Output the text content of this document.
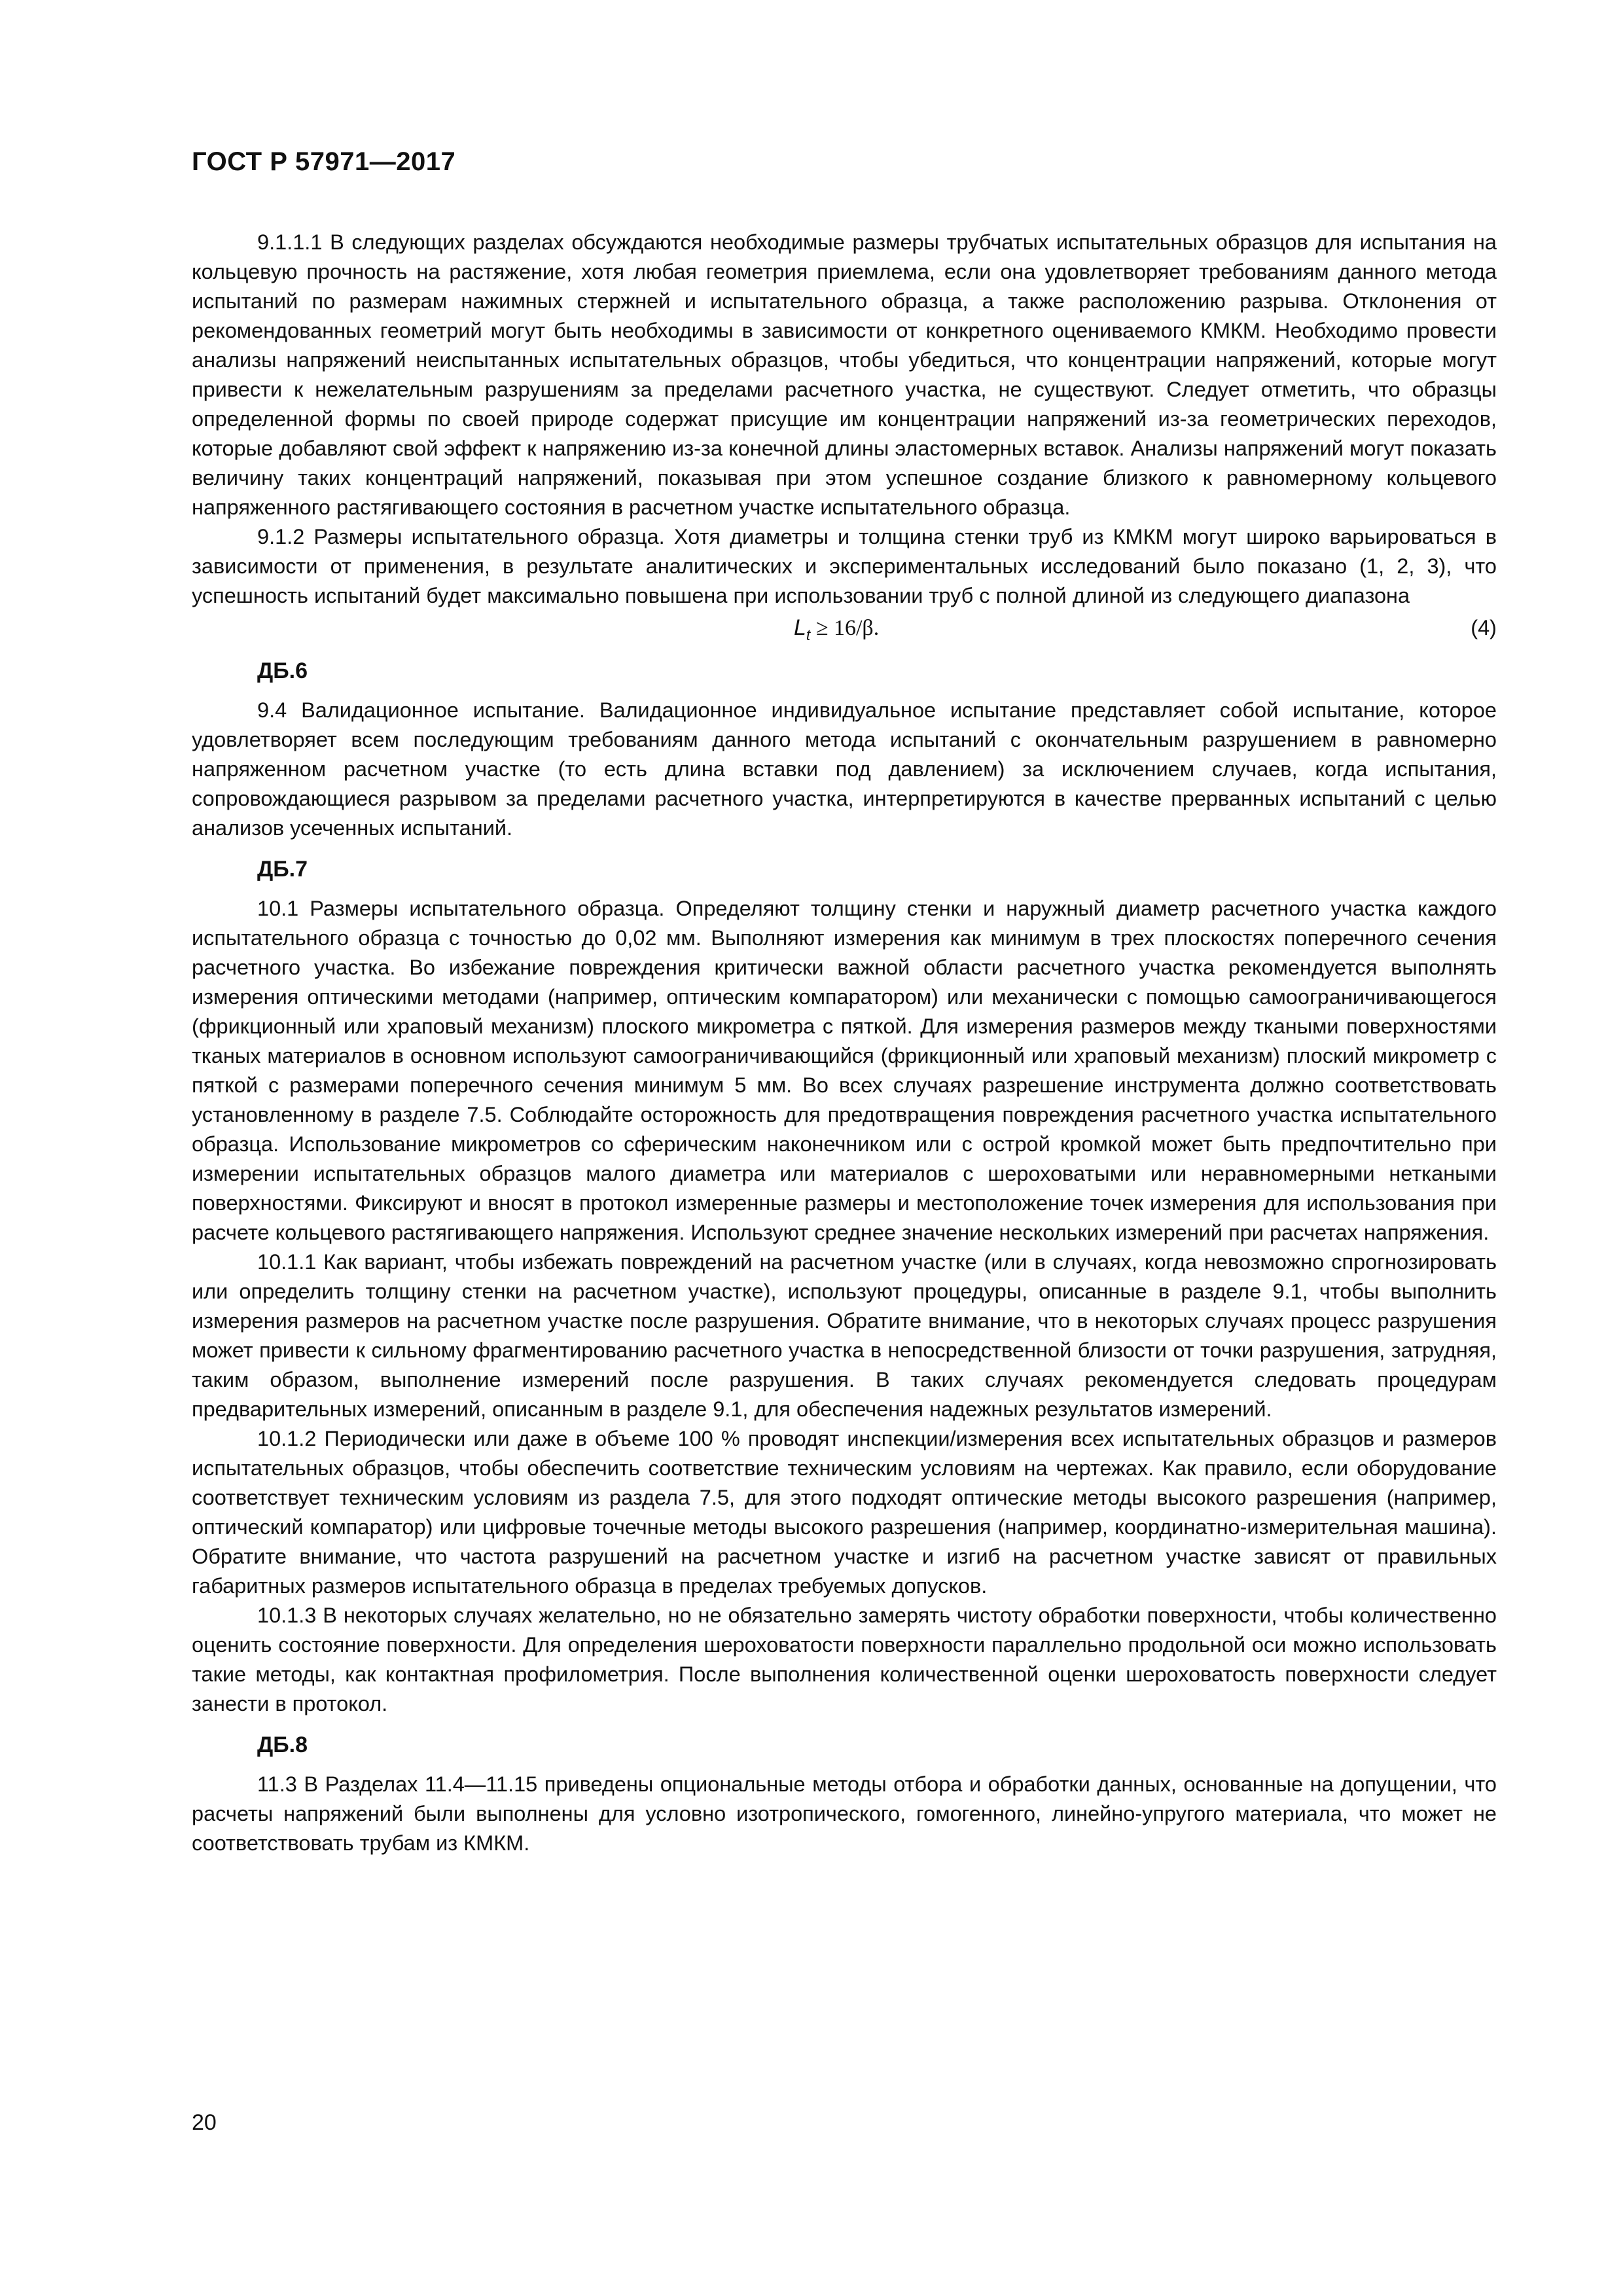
ГОСТ Р 57971—2017

9.1.1.1 В следующих разделах обсуждаются необходимые размеры трубчатых испытательных образцов для испытания на кольцевую прочность на растяжение, хотя любая геометрия приемлема, если она удовлетворяет требованиям данного метода испытаний по размерам нажимных стержней и испытательного образца, а также расположению разрыва. Отклонения от рекомендованных геометрий могут быть необходимы в зависимости от конкретного оцениваемого КМКМ. Необходимо провести анализы напряжений неиспытанных испытательных образцов, чтобы убедиться, что концентрации напряжений, которые могут привести к нежелательным разрушениям за пределами расчетного участка, не существуют. Следует отметить, что образцы определенной формы по своей природе содержат присущие им концентрации напряжений из-за геометрических переходов, которые добавляют свой эффект к напряжению из-за конечной длины эластомерных вставок. Анализы напряжений могут показать величину таких концентраций напряжений, показывая при этом успешное создание близкого к равномерному кольцевого напряженного растягивающего состояния в расчетном участке испытательного образца.

9.1.2 Размеры испытательного образца. Хотя диаметры и толщина стенки труб из КМКМ могут широко варьироваться в зависимости от применения, в результате аналитических и экспериментальных исследований было показано (1, 2, 3), что успешность испытаний будет максимально повышена при использовании труб с полной длиной из следующего диапазона

$L_t \ge 16/\beta$.	(4)
ДБ.6

9.4 Валидационное испытание. Валидационное индивидуальное испытание представляет собой испытание, которое удовлетворяет всем последующим требованиям данного метода испытаний с окончательным разрушением в равномерно напряженном расчетном участке (то есть длина вставки под давлением) за исключением случаев, когда испытания, сопровождающиеся разрывом за пределами расчетного участка, интерпретируются в качестве прерванных испытаний с целью анализов усеченных испытаний.

ДБ.7

10.1 Размеры испытательного образца. Определяют толщину стенки и наружный диаметр расчетного участка каждого испытательного образца с точностью до 0,02 мм. Выполняют измерения как минимум в трех плоскостях поперечного сечения расчетного участка. Во избежание повреждения критически важной области расчетного участка рекомендуется выполнять измерения оптическими методами (например, оптическим компаратором) или механически с помощью самоограничивающегося (фрикционный или храповый механизм) плоского микрометра с пяткой. Для измерения размеров между ткаными поверхностями тканых материалов в основном используют самоограничивающийся (фрикционный или храповый механизм) плоский микрометр с пяткой с размерами поперечного сечения минимум 5 мм. Во всех случаях разрешение инструмента должно соответствовать установленному в разделе 7.5. Соблюдайте осторожность для предотвращения повреждения расчетного участка испытательного образца. Использование микрометров со сферическим наконечником или с острой кромкой может быть предпочтительно при измерении испытательных образцов малого диаметра или материалов с шероховатыми или неравномерными неткаными поверхностями. Фиксируют и вносят в протокол измеренные размеры и местоположение точек измерения для использования при расчете кольцевого растягивающего напряжения. Используют среднее значение нескольких измерений при расчетах напряжения.

10.1.1 Как вариант, чтобы избежать повреждений на расчетном участке (или в случаях, когда невозможно спрогнозировать или определить толщину стенки на расчетном участке), используют процедуры, описанные в разделе 9.1, чтобы выполнить измерения размеров на расчетном участке после разрушения. Обратите внимание, что в некоторых случаях процесс разрушения может привести к сильному фрагментированию расчетного участка в непосредственной близости от точки разрушения, затрудняя, таким образом, выполнение измерений после разрушения. В таких случаях рекомендуется следовать процедурам предварительных измерений, описанным в разделе 9.1, для обеспечения надежных результатов измерений.

10.1.2 Периодически или даже в объеме 100 % проводят инспекции/измерения всех испытательных образцов и размеров испытательных образцов, чтобы обеспечить соответствие техническим условиям на чертежах. Как правило, если оборудование соответствует техническим условиям из раздела 7.5, для этого подходят оптические методы высокого разрешения (например, оптический компаратор) или цифровые точечные методы высокого разрешения (например, координатно-измерительная машина). Обратите внимание, что частота разрушений на расчетном участке и изгиб на расчетном участке зависят от правильных габаритных размеров испытательного образца в пределах требуемых допусков.

10.1.3 В некоторых случаях желательно, но не обязательно замерять чистоту обработки поверхности, чтобы количественно оценить состояние поверхности. Для определения шероховатости поверхности параллельно продольной оси можно использовать такие методы, как контактная профилометрия. После выполнения количественной оценки шероховатость поверхности следует занести в протокол.

ДБ.8

11.3 В Разделах 11.4—11.15 приведены опциональные методы отбора и обработки данных, основанные на допущении, что расчеты напряжений были выполнены для условно изотропического, гомогенного, линейно-упругого материала, что может не соответствовать трубам из КМКМ.

20
